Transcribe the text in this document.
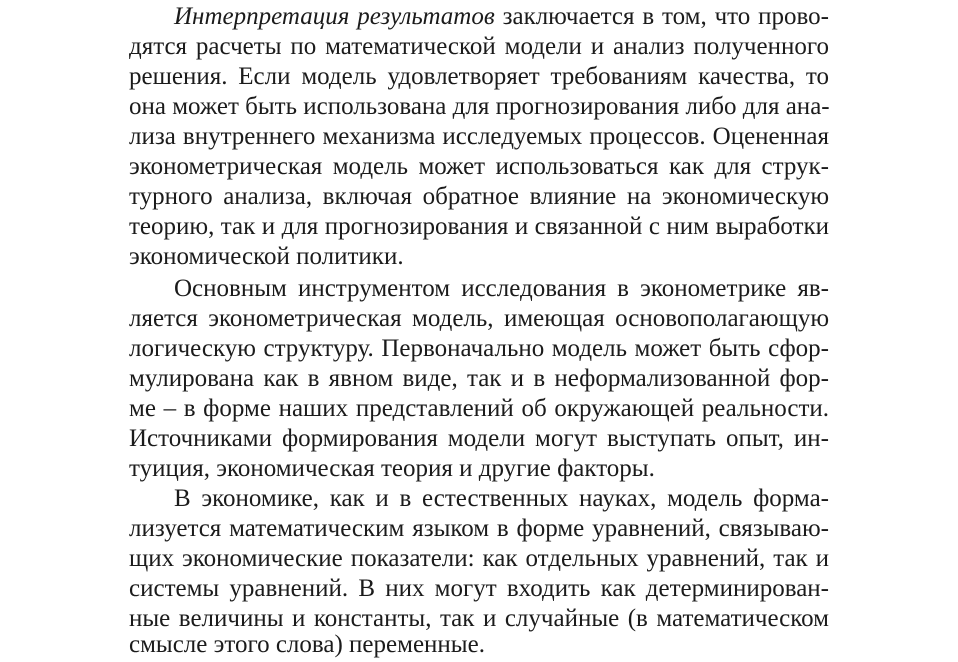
Интерпретация результатов заключается в том, что прово-
дятся расчеты по математической модели и анализ полученного
решения. Если модель удовлетворяет требованиям качества, то
она может быть использована для прогнозирования либо для ана-
лиза внутреннего механизма исследуемых процессов. Оцененная
эконометрическая модель может использоваться как для струк-
турного анализа, включая обратное влияние на экономическую
теорию, так и для прогнозирования и связанной с ним выработки
экономической политики.
Основным инструментом исследования в эконометрике яв-
ляется эконометрическая модель, имеющая основополагающую
логическую структуру. Первоначально модель может быть сфор-
мулирована как в явном виде, так и в неформализованной фор-
ме – в форме наших представлений об окружающей реальности.
Источниками формирования модели могут выступать опыт, ин-
туиция, экономическая теория и другие факторы.
В экономике, как и в естественных науках, модель форма-
лизуется математическим языком в форме уравнений, связываю-
щих экономические показатели: как отдельных уравнений, так и
системы уравнений. В них могут входить как детерминирован-
ные величины и константы, так и случайные (в математическом
смысле этого слова) переменные.
